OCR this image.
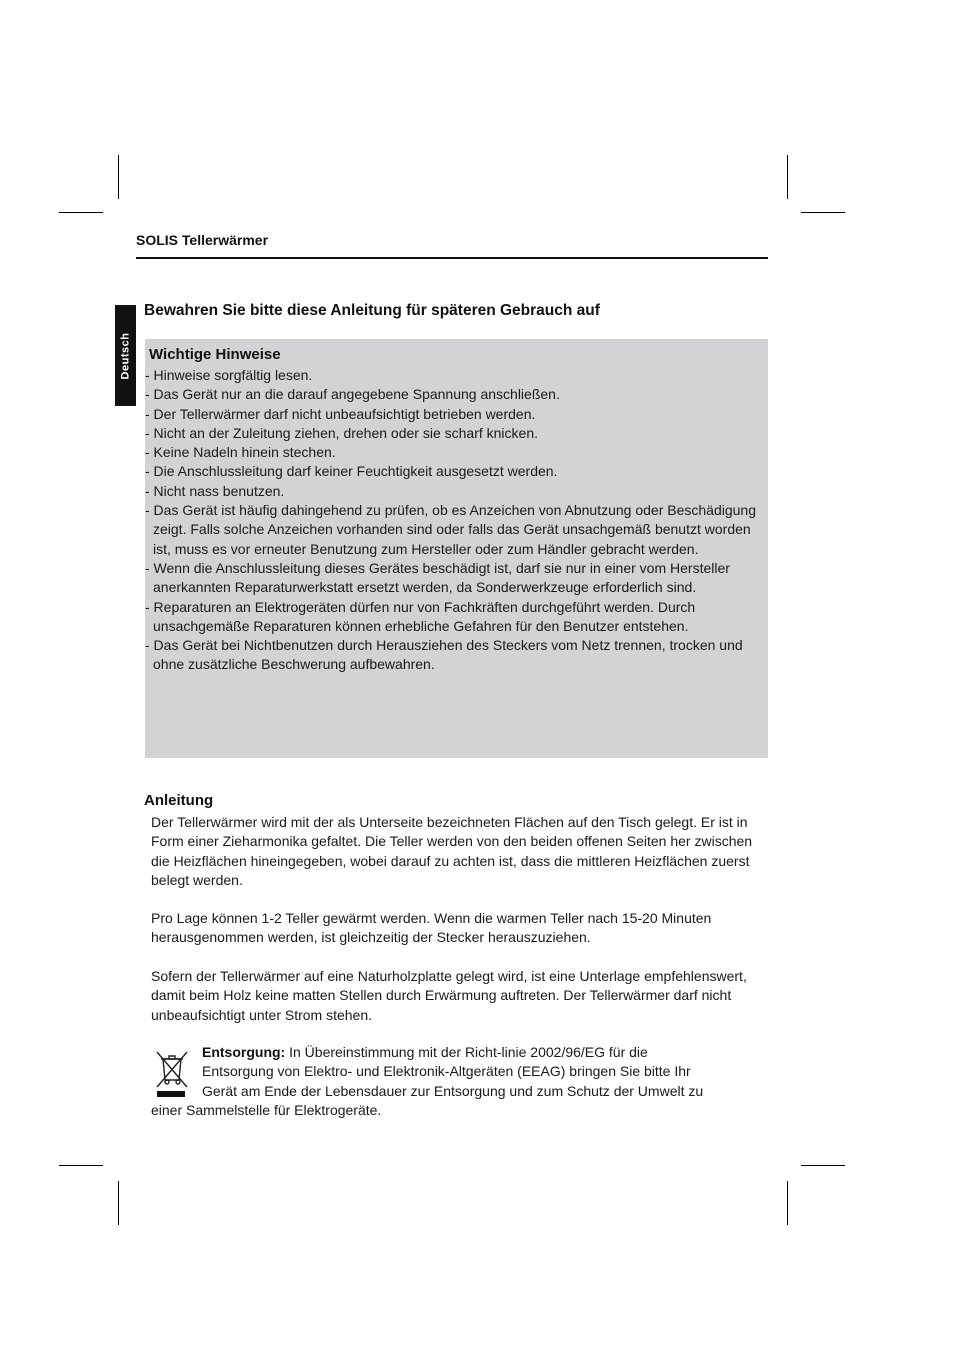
SOLIS Tellerwärmer
Deutsch
Bewahren Sie bitte diese Anleitung für späteren Gebrauch auf
Wichtige Hinweise
- Hinweise sorgfältig lesen.
- Das Gerät nur an die darauf angegebene Spannung anschließen.
- Der Tellerwärmer darf nicht unbeaufsichtigt betrieben werden.
- Nicht an der Zuleitung ziehen, drehen oder sie scharf knicken.
- Keine Nadeln hinein stechen.
- Die Anschlussleitung darf keiner Feuchtigkeit ausgesetzt werden.
- Nicht nass benutzen.
- Das Gerät ist häufig dahingehend zu prüfen, ob es Anzeichen von Abnutzung oder Beschädigung zeigt. Falls solche Anzeichen vorhanden sind oder falls das Gerät unsachgemäß benutzt worden ist, muss es vor erneuter Benutzung zum Hersteller oder zum Händler gebracht werden.
- Wenn die Anschlussleitung dieses Gerätes beschädigt ist, darf sie nur in einer vom Hersteller anerkannten Reparaturwerkstatt ersetzt werden, da Sonderwerkzeuge erforderlich sind.
- Reparaturen an Elektrogeräten dürfen nur von Fachkräften durchgeführt werden. Durch unsachgemäße Reparaturen können erhebliche Gefahren für den Benutzer entstehen.
- Das Gerät bei Nichtbenutzen durch Herausziehen des Steckers vom Netz trennen, trocken und ohne zusätzliche Beschwerung aufbewahren.
Anleitung

Der Tellerwärmer wird mit der als Unterseite bezeichneten Flächen auf den Tisch gelegt. Er ist in Form einer Zieharmonika gefaltet. Die Teller werden von den beiden offenen Seiten her zwischen die Heizflächen hineingegeben, wobei darauf zu achten ist, dass die mittleren Heizflächen zuerst belegt werden.

Pro Lage können 1-2 Teller gewärmt werden. Wenn die warmen Teller nach 15-20 Minuten herausgenommen werden, ist gleichzeitig der Stecker herauszuziehen.

Sofern der Tellerwärmer auf eine Naturholzplatte gelegt wird, ist eine Unterlage empfehlenswert, damit beim Holz keine matten Stellen durch Erwärmung auftreten. Der Tellerwärmer darf nicht unbeaufsichtigt unter Strom stehen.

Entsorgung: In Übereinstimmung mit der Richt-linie 2002/96/EG für die
Entsorgung von Elektro- und Elektronik-Altgeräten (EEAG) bringen Sie bitte Ihr
Gerät am Ende der Lebensdauer zur Entsorgung und zum Schutz der Umwelt zu
einer Sammelstelle für Elektrogeräte.
